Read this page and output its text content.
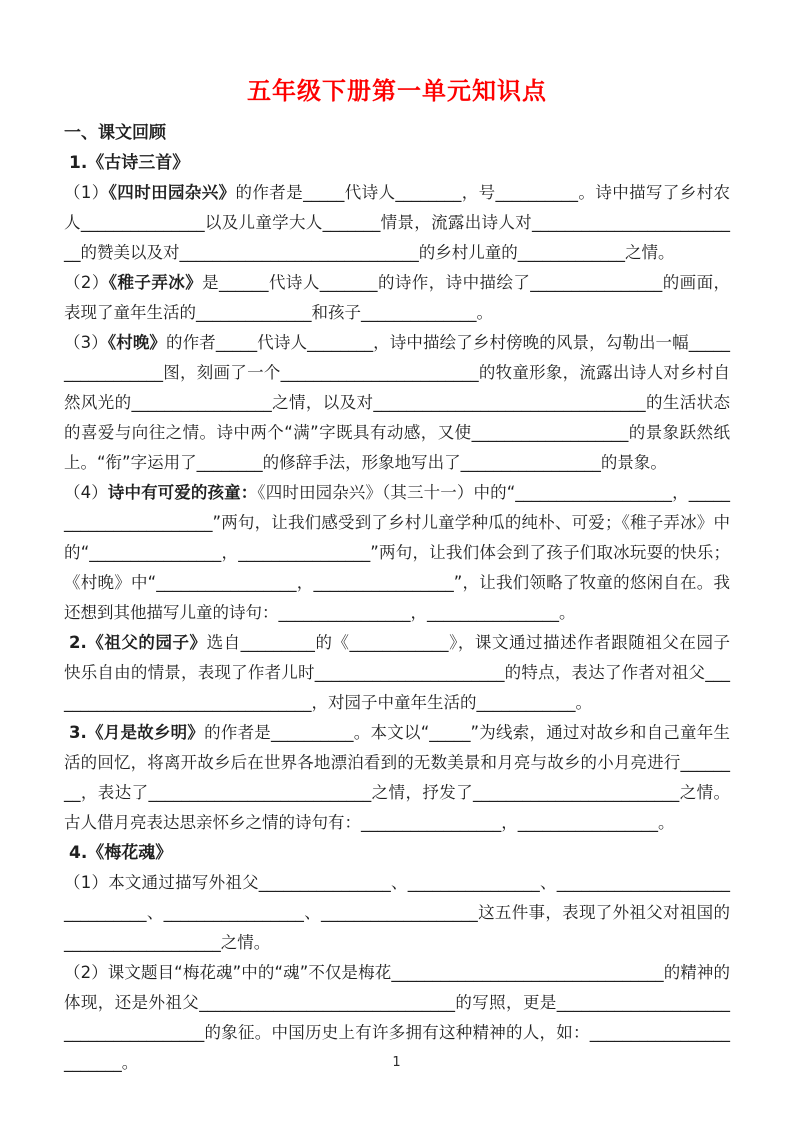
五年级下册第一单元知识点

一、课文回顾

1.《古诗三首》

（1）《四时田园杂兴》的作者是_____代诗人________，号__________。诗中描写了乡村农人_______________以及儿童学大人_______情景，流露出诗人对__________________________的赞美以及对_____________________________的乡村儿童的_____________之情。

（2）《稚子弄冰》是______代诗人_______的诗作，诗中描绘了________________的画面，表现了童年生活的______________和孩子______________。

（3）《村晚》的作者_____代诗人________，诗中描绘了乡村傍晚的风景，勾勒出一幅_________________图，刻画了一个________________________的牧童形象，流露出诗人对乡村自然风光的_________________之情，以及对_________________________________的生活状态的喜爱与向往之情。诗中两个“满”字既具有动感，又使___________________的景象跃然纸上。“衔”字运用了________的修辞手法，形象地写出了_________________的景象。

（4）诗中有可爱的孩童：《四时田园杂兴》（其三十一）中的“___________________，_______________________”两句，让我们感受到了乡村儿童学种瓜的纯朴、可爱；《稚子弄冰》中的“________________，________________”两句，让我们体会到了孩子们取冰玩耍的快乐；《村晚》中“_________________，_________________”，让我们领略了牧童的悠闲自在。我还想到其他描写儿童的诗句：________________，________________。

2.《祖父的园子》选自_________的《____________》，课文通过描述作者跟随祖父在园子快乐自由的情景，表现了作者儿时_______________________的特点，表达了作者对祖父_________________________________，对园子中童年生活的____________。

3.《月是故乡明》的作者是__________。本文以“_____”为线索，通过对故乡和自己童年生活的回忆，将离开故乡后在世界各地漂泊看到的无数美景和月亮与故乡的小月亮进行________，表达了___________________________之情，抒发了_________________________之情。古人借月亮表达思亲怀乡之情的诗句有：_________________，_________________。

4.《梅花魂》

（1）本文通过描写外祖父________________、________________、_______________________________、_________________、___________________这五件事，表现了外祖父对祖国的___________________之情。

（2）课文题目“梅花魂”中的“魂”不仅是梅花_________________________________的精神的体现，还是外祖父_______________________________的写照，更是______________________________________的象征。中国历史上有许多拥有这种精神的人，如：________________________。	1
